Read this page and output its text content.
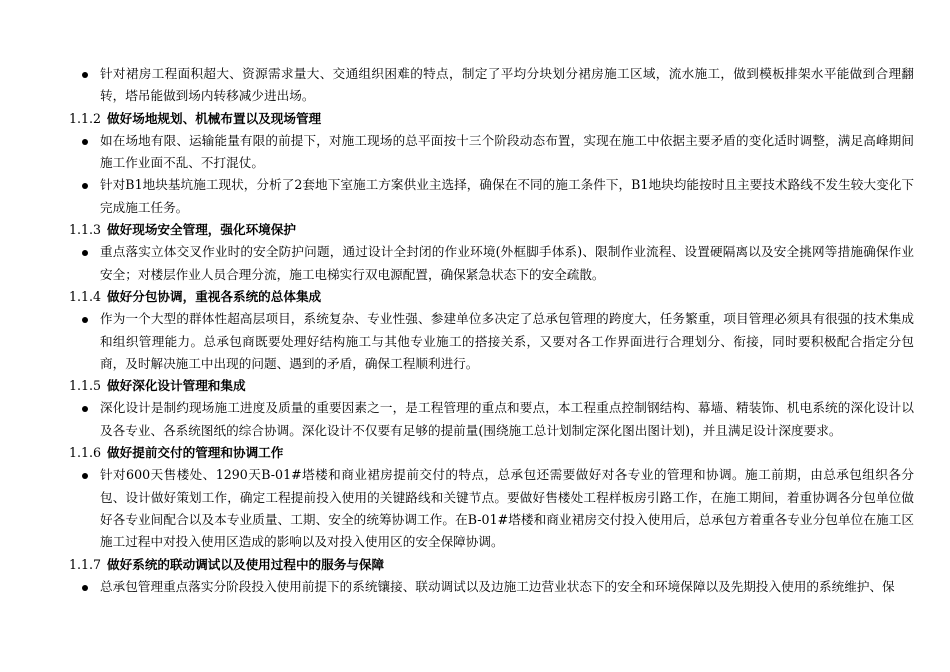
针对裙房工程面积超大、资源需求量大、交通组织困难的特点，制定了平均分块划分裙房施工区域，流水施工，做到模板排架水平能做到合理翻转，塔吊能做到场内转移减少进出场。
1.1.2 做好场地规划、机械布置以及现场管理
如在场地有限、运输能量有限的前提下，对施工现场的总平面按十三个阶段动态布置，实现在施工中依据主要矛盾的变化适时调整，满足高峰期间施工作业面不乱、不打混仗。
针对B1地块基坑施工现状，分析了2套地下室施工方案供业主选择，确保在不同的施工条件下，B1地块均能按时且主要技术路线不发生较大变化下完成施工任务。
1.1.3 做好现场安全管理，强化环境保护
重点落实立体交叉作业时的安全防护问题，通过设计全封闭的作业环境(外框脚手体系)、限制作业流程、设置硬隔离以及安全挑网等措施确保作业安全；对楼层作业人员合理分流，施工电梯实行双电源配置，确保紧急状态下的安全疏散。
1.1.4 做好分包协调，重视各系统的总体集成
作为一个大型的群体性超高层项目，系统复杂、专业性强、参建单位多决定了总承包管理的跨度大，任务繁重，项目管理必须具有很强的技术集成和组织管理能力。总承包商既要处理好结构施工与其他专业施工的搭接关系，又要对各工作界面进行合理划分、衔接，同时要积极配合指定分包商，及时解决施工中出现的问题、遇到的矛盾，确保工程顺利进行。
1.1.5 做好深化设计管理和集成
深化设计是制约现场施工进度及质量的重要因素之一，是工程管理的重点和要点，本工程重点控制钢结构、幕墙、精装饰、机电系统的深化设计以及各专业、各系统图纸的综合协调。深化设计不仅要有足够的提前量(围绕施工总计划制定深化图出图计划)，并且满足设计深度要求。
1.1.6 做好提前交付的管理和协调工作
针对600天售楼处、1290天B-01#塔楼和商业裙房提前交付的特点，总承包还需要做好对各专业的管理和协调。施工前期，由总承包组织各分包、设计做好策划工作，确定工程提前投入使用的关键路线和关键节点。要做好售楼处工程样板房引路工作，在施工期间，着重协调各分包单位做好各专业间配合以及本专业质量、工期、安全的统筹协调工作。在B-01#塔楼和商业裙房交付投入使用后，总承包方着重各专业分包单位在施工区施工过程中对投入使用区造成的影响以及对投入使用区的安全保障协调。
1.1.7 做好系统的联动调试以及使用过程中的服务与保障
总承包管理重点落实分阶段投入使用前提下的系统镶接、联动调试以及边施工边营业状态下的安全和环境保障以及先期投入使用的系统维护、保
